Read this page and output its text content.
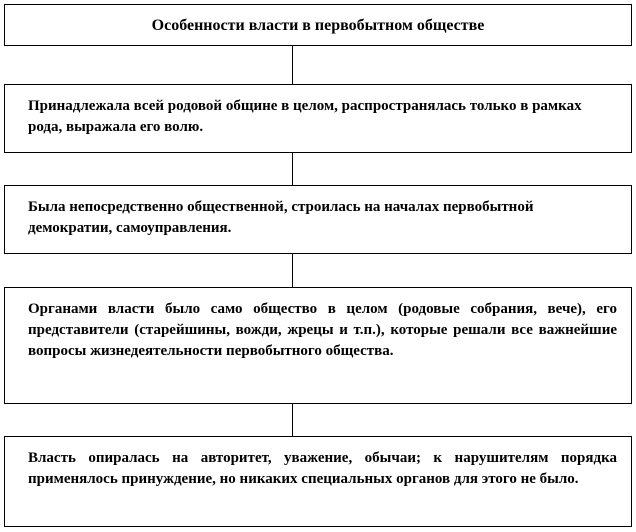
Особенности власти в первобытном обществе
Принадлежала всей родовой общине в целом, распространялась только в рамках рода, выражала его волю.
Была непосредственно общественной, строилась на началах первобытной демократии, самоуправления.
Органами власти было само общество в целом (родовые собрания, вече), его представители (старейшины, вожди, жрецы и т.п.), которые решали все важнейшие вопросы жизнедеятельности первобытного общества.
Власть опиралась на авторитет, уважение, обычаи; к нарушителям порядка применялось принуждение, но никаких специальных органов для этого не было.
